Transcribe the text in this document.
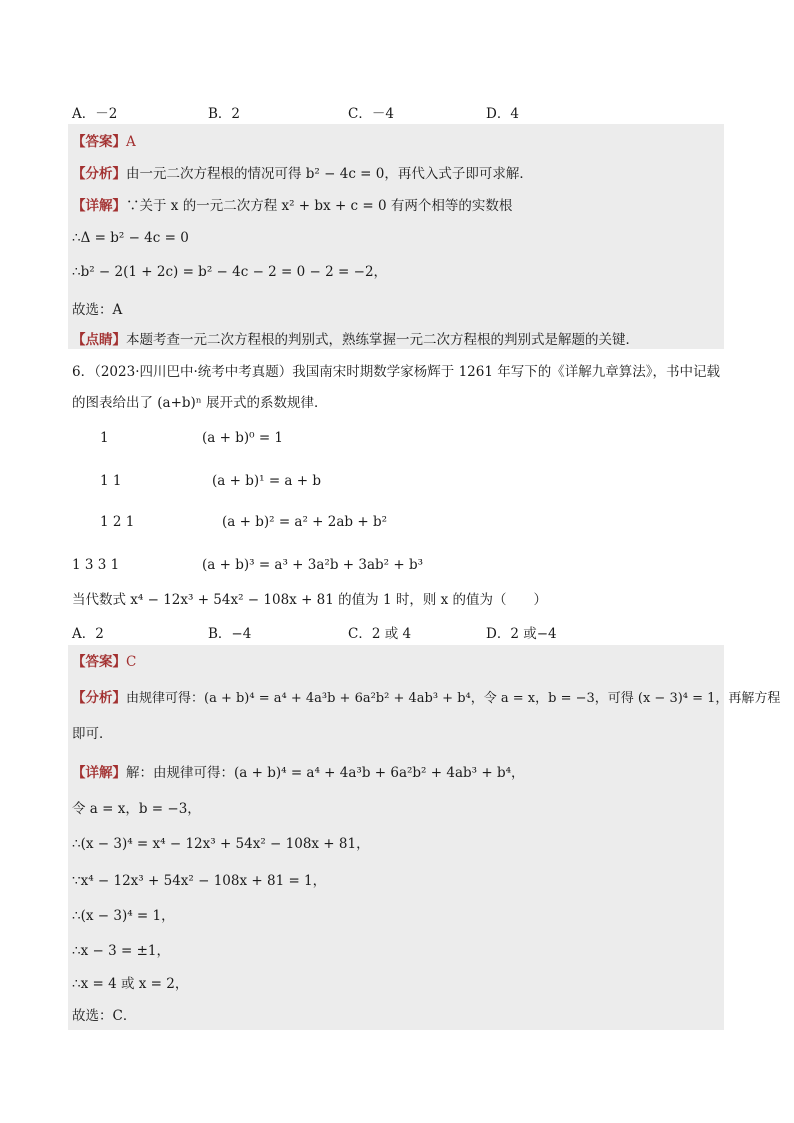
A．－2	B．2	C．－4	D．4
【答案】A
【分析】由一元二次方程根的情况可得 b² − 4c = 0，再代入式子即可求解．
【详解】∵关于 x 的一元二次方程 x² + bx + c = 0 有两个相等的实数根
∴Δ = b² − 4c = 0
∴b² − 2(1 + 2c) = b² − 4c − 2 = 0 − 2 = −2，
故选：A
【点睛】本题考查一元二次方程根的判别式，熟练掌握一元二次方程根的判别式是解题的关键．
6．（2023·四川巴中·统考中考真题）我国南宋时期数学家杨辉于 1261 年写下的《详解九章算法》，书中记载
的图表给出了 (a+b)ⁿ 展开式的系数规律．
1	(a + b)⁰ = 1
1 1	(a + b)¹ = a + b
1 2 1	(a + b)² = a² + 2ab + b²
1 3 3 1	(a + b)³ = a³ + 3a²b + 3ab² + b³
当代数式 x⁴ − 12x³ + 54x² − 108x + 81 的值为 1 时，则 x 的值为（　　）
A．2	B．−4	C．2 或 4	D．2 或−4
【答案】C
【分析】由规律可得：(a + b)⁴ = a⁴ + 4a³b + 6a²b² + 4ab³ + b⁴，令 a = x，b = −3，可得 (x − 3)⁴ = 1，再解方程
即可．
【详解】解：由规律可得：(a + b)⁴ = a⁴ + 4a³b + 6a²b² + 4ab³ + b⁴，
令 a = x，b = −3，
∴(x − 3)⁴ = x⁴ − 12x³ + 54x² − 108x + 81，
∵x⁴ − 12x³ + 54x² − 108x + 81 = 1，
∴(x − 3)⁴ = 1，
∴x − 3 = ±1，
∴x = 4 或 x = 2，
故选：C．
